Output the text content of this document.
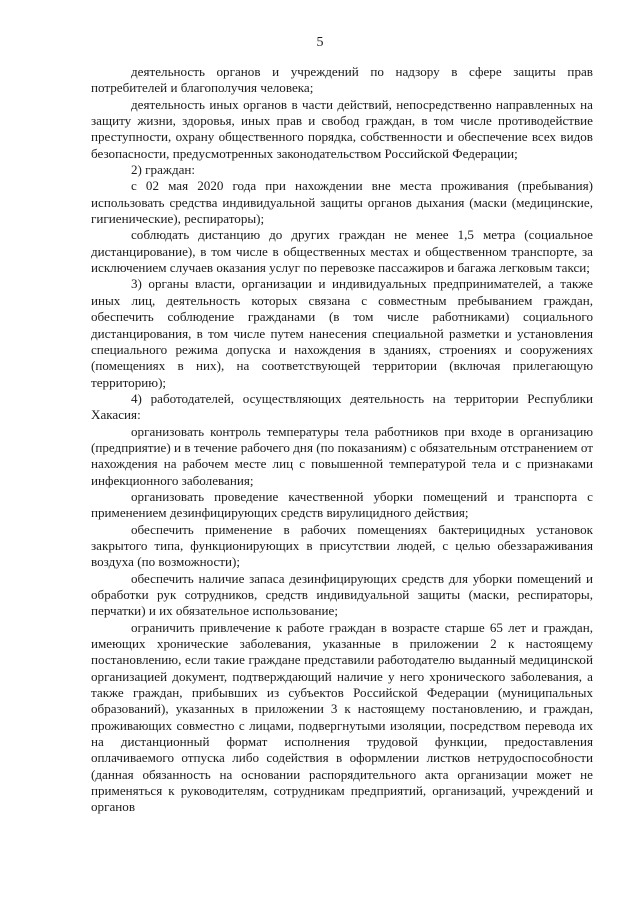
5

деятельность органов и учреждений по надзору в сфере защиты прав потребителей и благополучия человека;

деятельность иных органов в части действий, непосредственно направленных на защиту жизни, здоровья, иных прав и свобод граждан, в том числе противодействие преступности, охрану общественного порядка, собственности и обеспечение всех видов безопасности, предусмотренных законодательством Российской Федерации;

2) граждан:

с 02 мая 2020 года при нахождении вне места проживания (пребывания) использовать средства индивидуальной защиты органов дыхания (маски (медицинские, гигиенические), респираторы);

соблюдать дистанцию до других граждан не менее 1,5 метра (социальное дистанцирование), в том числе в общественных местах и общественном транспорте, за исключением случаев оказания услуг по перевозке пассажиров и багажа легковым такси;

3) органы власти, организации и индивидуальных предпринимателей, а также иных лиц, деятельность которых связана с совместным пребыванием граждан, обеспечить соблюдение гражданами (в том числе работниками) социального дистанцирования, в том числе путем нанесения специальной разметки и установления специального режима допуска и нахождения в зданиях, строениях и сооружениях (помещениях в них), на соответствующей территории (включая прилегающую территорию);

4) работодателей, осуществляющих деятельность на территории Республики Хакасия:

организовать контроль температуры тела работников при входе в организацию (предприятие) и в течение рабочего дня (по показаниям) с обязательным отстранением от нахождения на рабочем месте лиц с повышенной температурой тела и с признаками инфекционного заболевания;

организовать проведение качественной уборки помещений и транспорта с применением дезинфицирующих средств вирулицидного действия;

обеспечить применение в рабочих помещениях бактерицидных установок закрытого типа, функционирующих в присутствии людей, с целью обеззараживания воздуха (по возможности);

обеспечить наличие запаса дезинфицирующих средств для уборки помещений и обработки рук сотрудников, средств индивидуальной защиты (маски, респираторы, перчатки) и их обязательное использование;

ограничить привлечение к работе граждан в возрасте старше 65 лет и граждан, имеющих хронические заболевания, указанные в приложении 2 к настоящему постановлению, если такие граждане представили работодателю выданный медицинской организацией документ, подтверждающий наличие у него хронического заболевания, а также граждан, прибывших из субъектов Российской Федерации (муниципальных образований), указанных в приложении 3 к настоящему постановлению, и граждан, проживающих совместно с лицами, подвергнутыми изоляции, посредством перевода их на дистанционный формат исполнения трудовой функции, предоставления оплачиваемого отпуска либо содействия в оформлении листков нетрудоспособности (данная обязанность на основании распорядительного акта организации может не применяться к руководителям, сотрудникам предприятий, организаций, учреждений и органов
